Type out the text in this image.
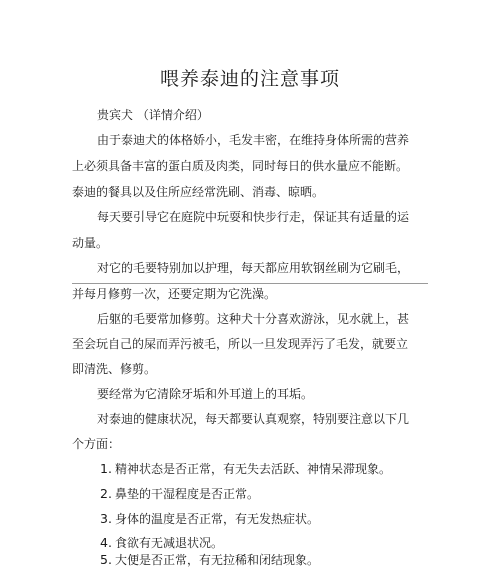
喂养泰迪的注意事项
贵宾犬 （详情介绍）
由于泰迪犬的体格娇小，毛发丰密，在维持身体所需的营养
上必须具备丰富的蛋白质及肉类，同时每日的供水量应不能断。
泰迪的餐具以及住所应经常洗刷、消毒、晾晒。
每天要引导它在庭院中玩耍和快步行走，保证其有适量的运
动量。
对它的毛要特别加以护理，每天都应用软钢丝刷为它刷毛，
并每月修剪一次，还要定期为它洗澡。
后躯的毛要常加修剪。这种犬十分喜欢游泳，见水就上，甚
至会玩自己的屎而弄污被毛，所以一旦发现弄污了毛发，就要立
即清洗、修剪。
要经常为它清除牙垢和外耳道上的耳垢。
对泰迪的健康状况，每天都要认真观察，特别要注意以下几
个方面：
1. 精神状态是否正常，有无失去活跃、神情呆滞现象。
2. 鼻垫的干湿程度是否正常。
3. 身体的温度是否正常，有无发热症状。
4. 食欲有无减退状况。
5. 大便是否正常，有无拉稀和闭结现象。
